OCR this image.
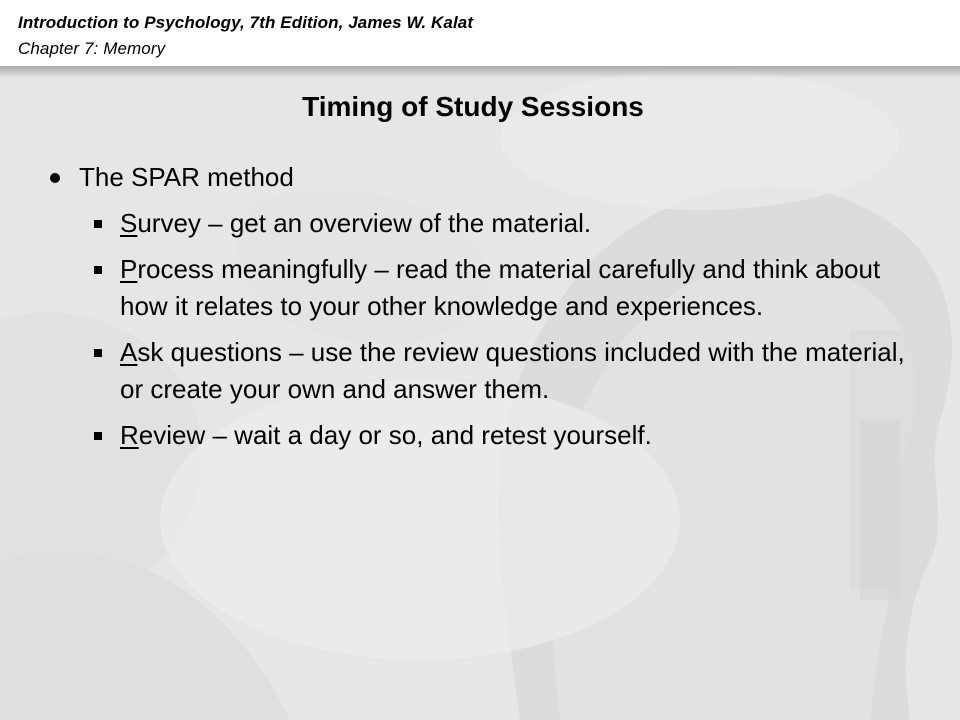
Introduction to Psychology, 7th Edition, James W. Kalat
Chapter 7: Memory
Timing of Study Sessions
The SPAR method
Survey – get an overview of the material.
Process meaningfully – read the material carefully and think about how it relates to your other knowledge and experiences.
Ask questions – use the review questions included with the material, or create your own and answer them.
Review – wait a day or so, and retest yourself.
